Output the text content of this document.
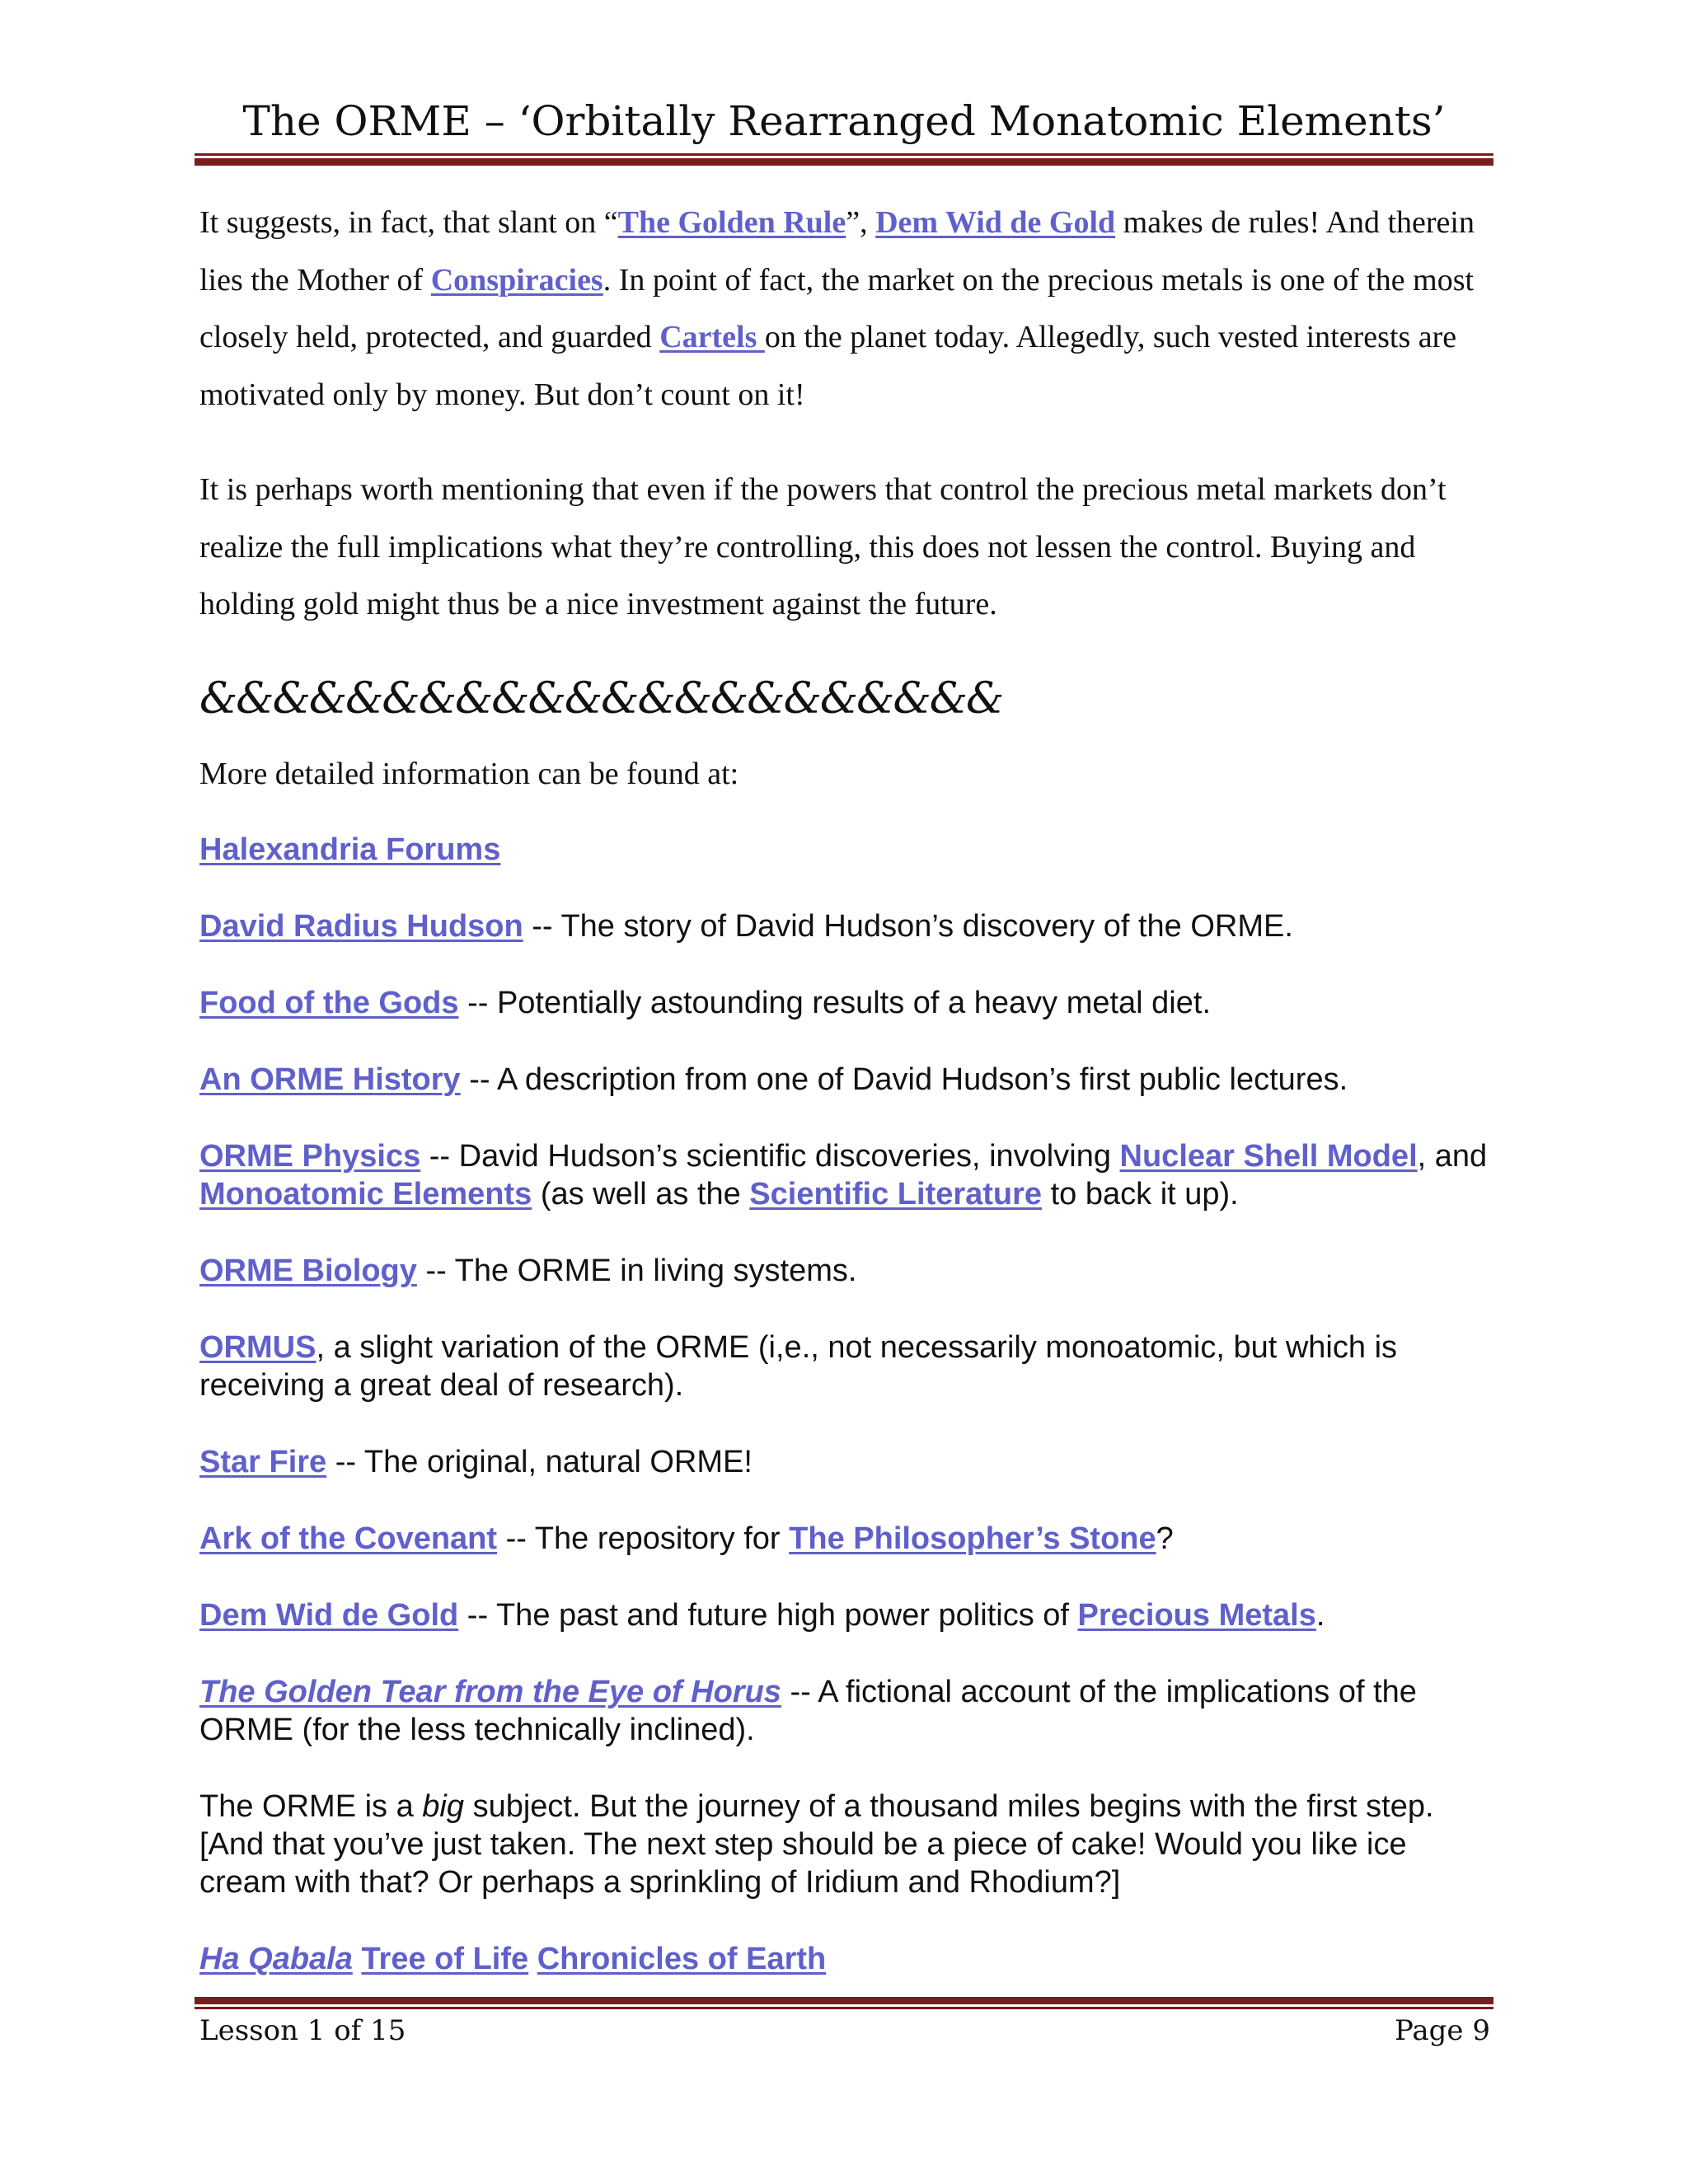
The ORME – ‘Orbitally Rearranged Monatomic Elements’

It suggests, in fact, that slant on “The Golden Rule”, Dem Wid de Gold makes de rules! And therein lies the Mother of Conspiracies. In point of fact, the market on the precious metals is one of the most closely held, protected, and guarded Cartels on the planet today. Allegedly, such vested interests are motivated only by money. But don’t count on it!

It is perhaps worth mentioning that even if the powers that control the precious metal markets don’t realize the full implications what they’re controlling, this does not lessen the control. Buying and holding gold might thus be a nice investment against the future.

&&&&&&&&&&&&&&&&&&&&&&

More detailed information can be found at:

Halexandria Forums

David Radius Hudson -- The story of David Hudson’s discovery of the ORME.

Food of the Gods -- Potentially astounding results of a heavy metal diet.

An ORME History -- A description from one of David Hudson’s first public lectures.

ORME Physics -- David Hudson’s scientific discoveries, involving Nuclear Shell Model, and Monoatomic Elements (as well as the Scientific Literature to back it up).

ORME Biology -- The ORME in living systems.

ORMUS, a slight variation of the ORME (i,e., not necessarily monoatomic, but which is receiving a great deal of research).

Star Fire -- The original, natural ORME!

Ark of the Covenant -- The repository for The Philosopher’s Stone?

Dem Wid de Gold -- The past and future high power politics of Precious Metals.

The Golden Tear from the Eye of Horus -- A fictional account of the implications of the ORME (for the less technically inclined).

The ORME is a big subject. But the journey of a thousand miles begins with the first step. [And that you’ve just taken. The next step should be a piece of cake! Would you like ice cream with that? Or perhaps a sprinkling of Iridium and Rhodium?]

Ha Qabala Tree of Life Chronicles of Earth

Lesson 1 of 15	Page 9
